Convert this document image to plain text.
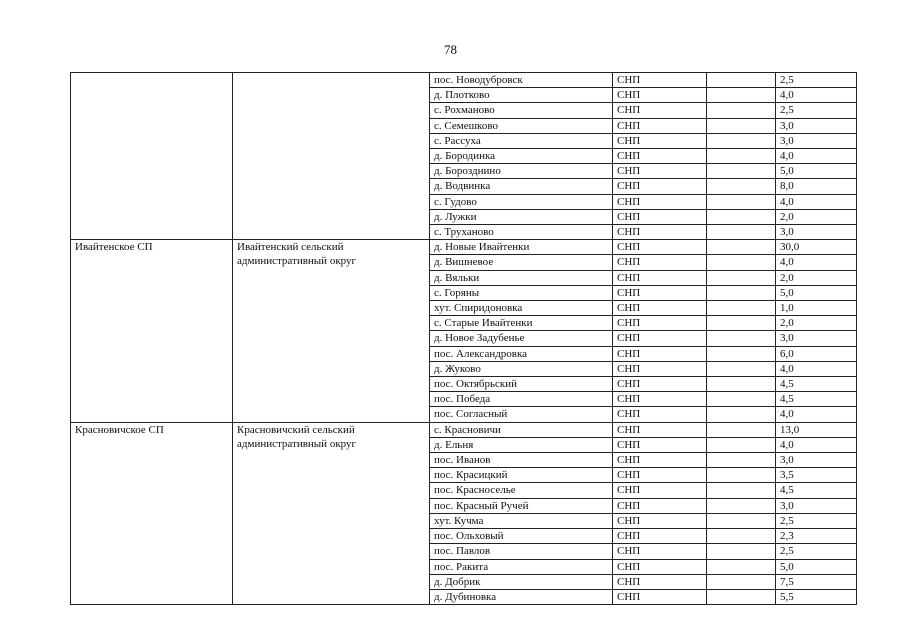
78
		пос. Новодубровск	СНП		2,5
		д. Плотково	СНП		4,0
		с. Рохманово	СНП		2,5
		с. Семешково	СНП		3,0
		с. Рассуха	СНП		3,0
		д. Бородинка	СНП		4,0
		д. Борозднино	СНП		5,0
		д. Водвинка	СНП		8,0
		с. Гудово	СНП		4,0
		д. Лужки	СНП		2,0
		с. Труханово	СНП		3,0
Ивайтенское СП	Ивайтенский сельский административный округ	д. Новые Ивайтенки	СНП		30,0
		д. Вишневое	СНП		4,0
		д. Вяльки	СНП		2,0
		с. Горяны	СНП		5,0
		хут. Спиридоновка	СНП		1,0
		с. Старые Ивайтенки	СНП		2,0
		д. Новое Задубенье	СНП		3,0
		пос. Александровка	СНП		6,0
		д. Жуково	СНП		4,0
		пос. Октябрьский	СНП		4,5
		пос. Победа	СНП		4,5
		пос. Согласный	СНП		4,0
Красновичское СП	Красновичский сельский административный округ	с. Красновичи	СНП		13,0
		д. Ельня	СНП		4,0
		пос. Иванов	СНП		3,0
		пос. Красицкий	СНП		3,5
		пос. Красноселье	СНП		4,5
		пос. Красный Ручей	СНП		3,0
		хут. Кучма	СНП		2,5
		пос. Ольховый	СНП		2,3
		пос. Павлов	СНП		2,5
		пос. Ракита	СНП		5,0
		д. Добрик	СНП		7,5
		д. Дубиновка	СНП		5,5
